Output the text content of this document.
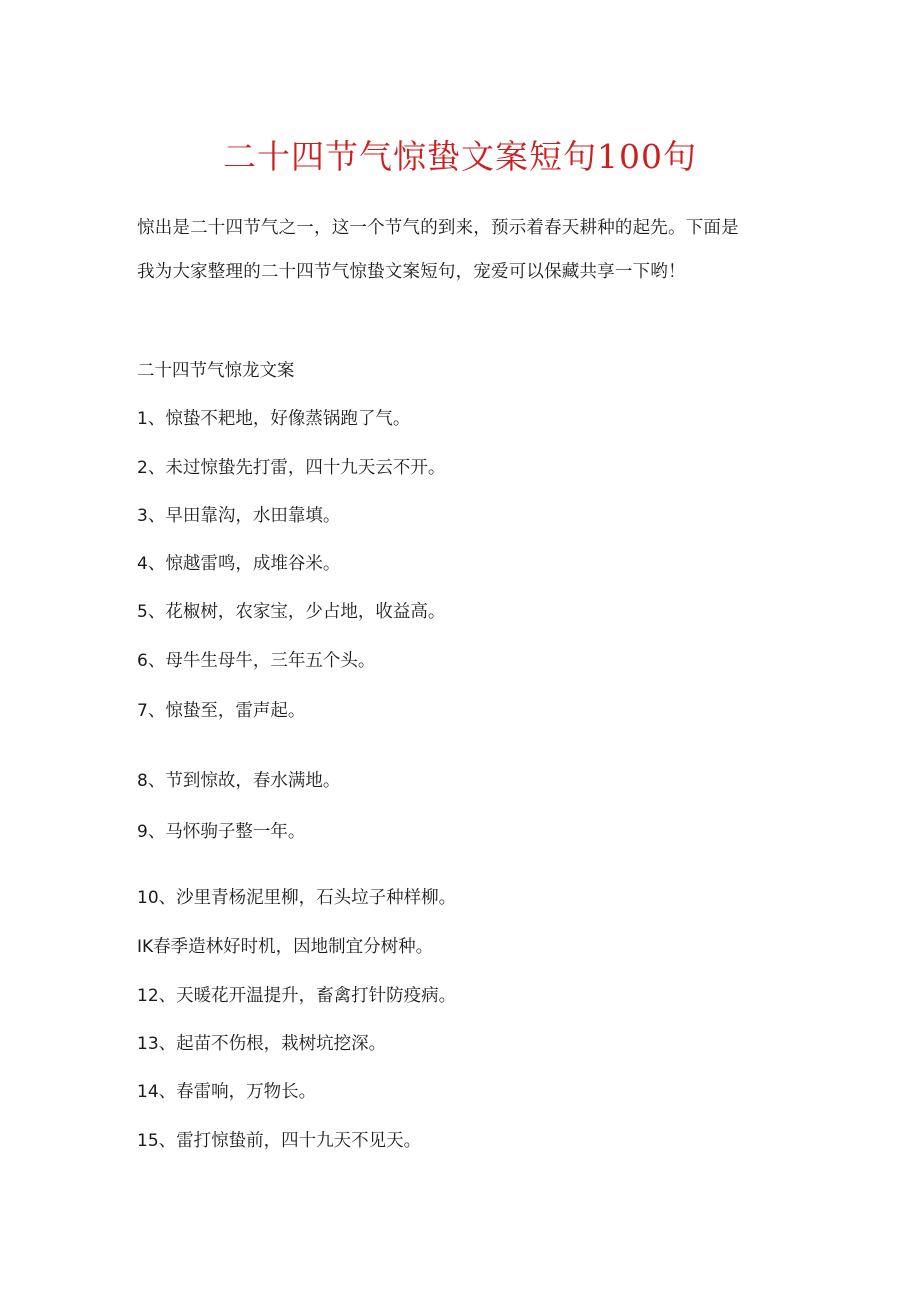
二十四节气惊蛰文案短句100句
惊出是二十四节气之一，这一个节气的到来，预示着春天耕种的起先。下面是
我为大家整理的二十四节气惊蛰文案短句，宠爱可以保藏共享一下哟！
二十四节气惊龙文案
1、惊蛰不耙地，好像蒸锅跑了气。
2、未过惊蛰先打雷，四十九天云不开。
3、早田靠沟，水田靠填。
4、惊越雷鸣，成堆谷米。
5、花椒树，农家宝，少占地，收益高。
6、母牛生母牛，三年五个头。
7、惊蛰至，雷声起。
8、节到惊故，春水满地。
9、马怀驹子整一年。
10、沙里青杨泥里柳，石头垃子种样柳。
IK春季造林好时机，因地制宜分树种。
12、天暖花开温提升，畜禽打针防疫病。
13、起苗不伤根，栽树坑挖深。
14、春雷响，万物长。
15、雷打惊蛰前，四十九天不见天。
